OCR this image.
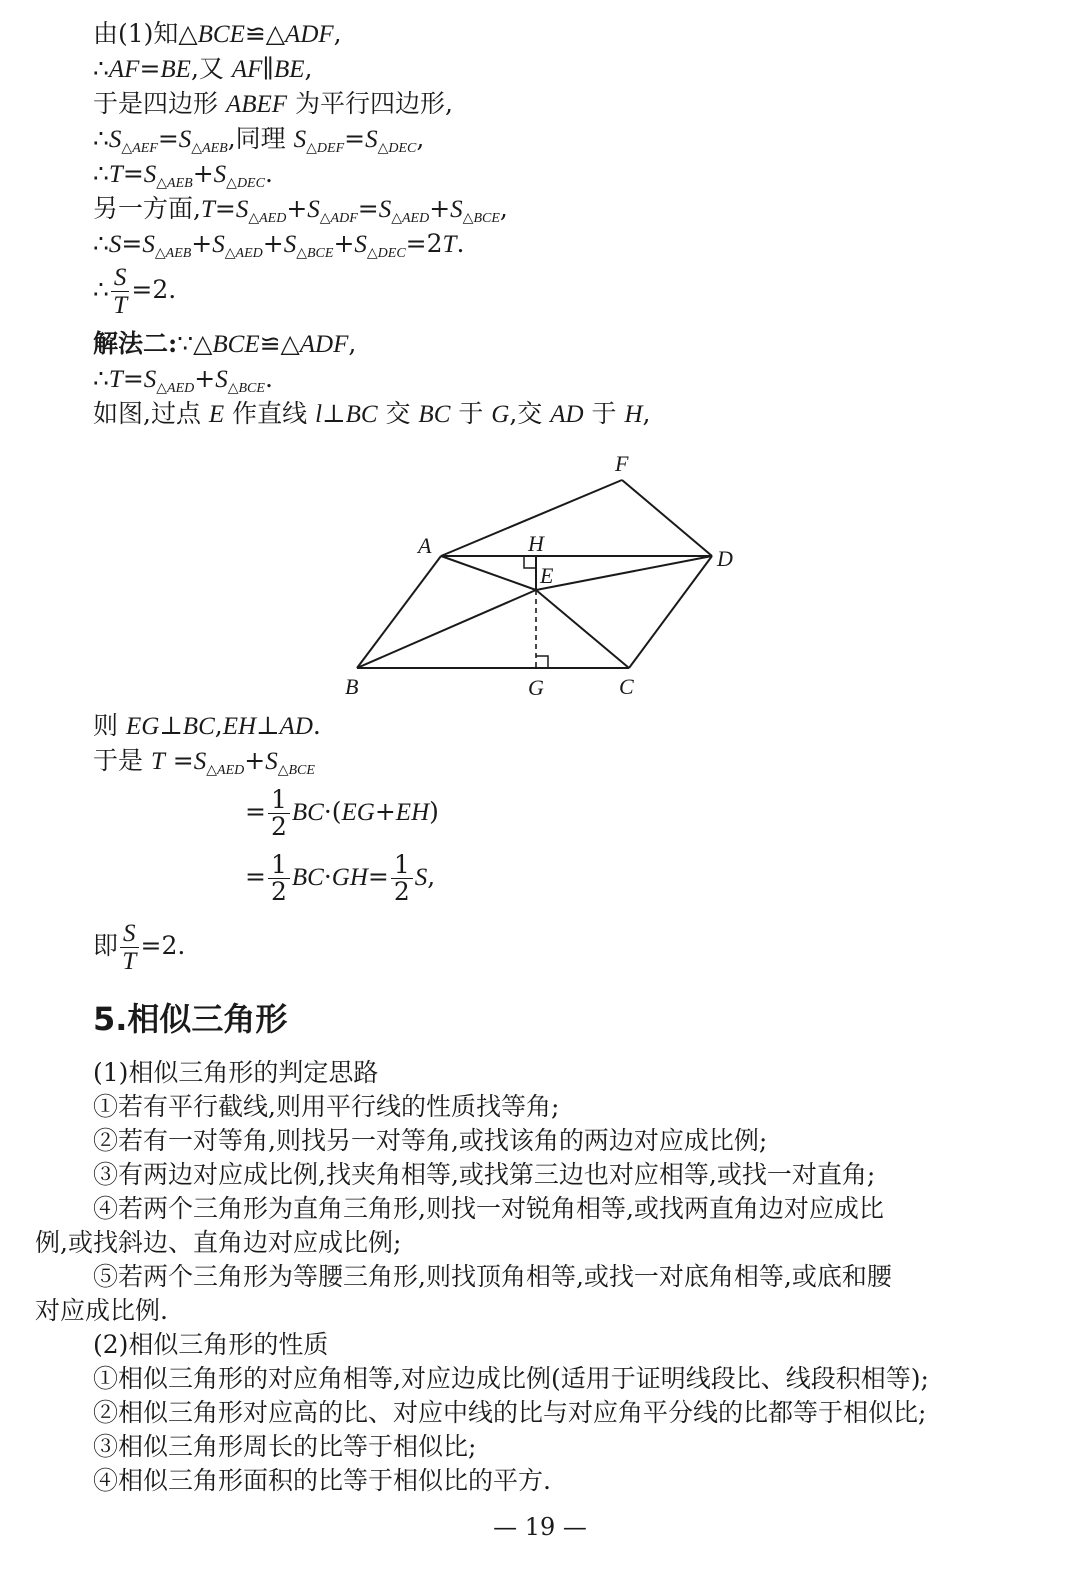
由(1)知△BCE≌△ADF,
∴AF=BE,又 AF∥BE,
于是四边形 ABEF 为平行四边形,
$\therefore S_{\triangle AEF}=S_{\triangle AEB}$,同理 $S_{\triangle DEF}=S_{\triangle DEC}$,
$\therefore T=S_{\triangle AEB}+S_{\triangle DEC}$.
另一方面$,T=S_{\triangle AED}+S_{\triangle ADF}=S_{\triangle AED}+S_{\triangle BCE}$,
$\therefore S=S_{\triangle AEB}+S_{\triangle AED}+S_{\triangle BCE}+S_{\triangle DEC}=2T$.
∴ $\frac{S}{T} =2$.
解法二:∵△BCE≌△ADF,
$\therefore T=S_{\triangle AED}+S_{\triangle BCE}$.
如图,过点 E 作直线 l⊥BC 交 BC 于 G,交 AD 于 H,
F
A	H
E
D
B	G	C
则 EG⊥BC,EH⊥AD.
于是 $T =S_{\triangle AED}+S_{\triangle BCE}$
= $\frac{1}{2} BC\cdot(EG+EH)$
= $\frac{1}{2} BC\cdot GH= \frac{1}{2} S$,
即 $\frac{S}{T} =2$.
5.相似三角形
(1)相似三角形的判定思路
①若有平行截线,则用平行线的性质找等角;
②若有一对等角,则找另一对等角,或找该角的两边对应成比例;
③有两边对应成比例,找夹角相等,或找第三边也对应相等,或找一对直角;
④若两个三角形为直角三角形,则找一对锐角相等,或找两直角边对应成比
例,或找斜边、直角边对应成比例;
⑤若两个三角形为等腰三角形,则找顶角相等,或找一对底角相等,或底和腰
对应成比例.
(2)相似三角形的性质
①相似三角形的对应角相等,对应边成比例(适用于证明线段比、线段积相等);
②相似三角形对应高的比、对应中线的比与对应角平分线的比都等于相似比;
③相似三角形周长的比等于相似比;
④相似三角形面积的比等于相似比的平方.
— 19 —
